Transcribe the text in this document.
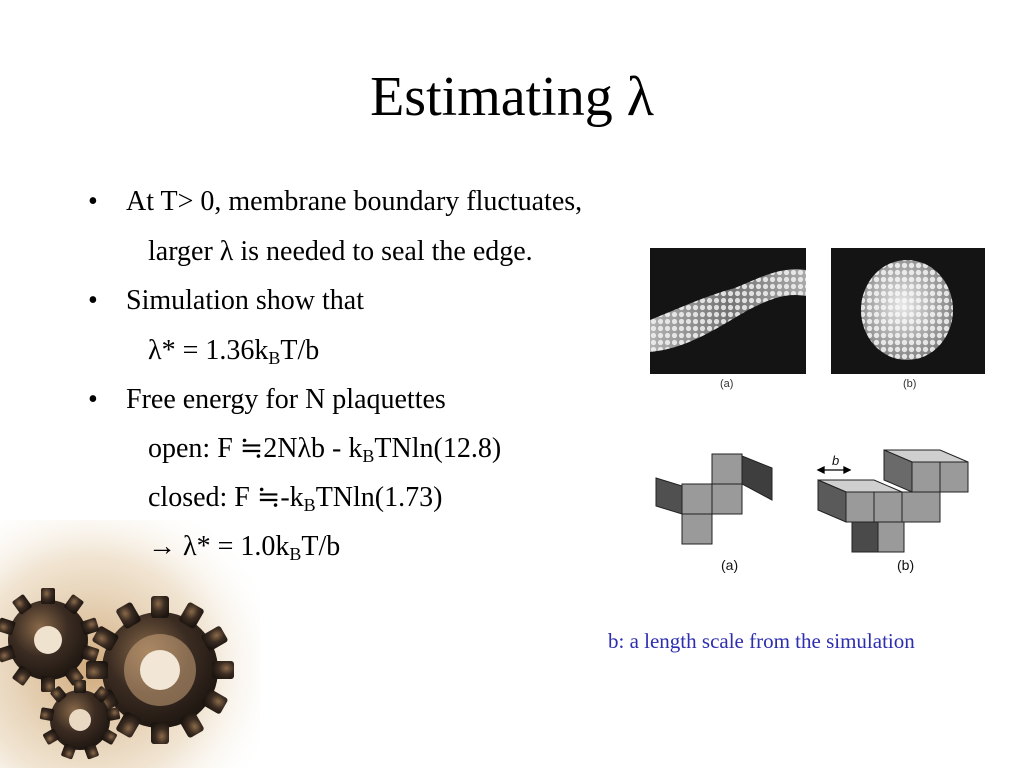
Estimating λ
• At T> 0, membrane boundary fluctuates,
larger λ is needed to seal the edge.
• Simulation show that
$\lambda* = 1.36k_BT/b$
• Free energy for N plaquettes
open: F ≒2Nλb - $k_BTNln(12.8)$
closed: F $≒-k_BTNln(1.73)$
→ $\lambda* = 1.0k_BT/b$
(a)	(b)
(a)
b
(b)
b: a length scale from the simulation
